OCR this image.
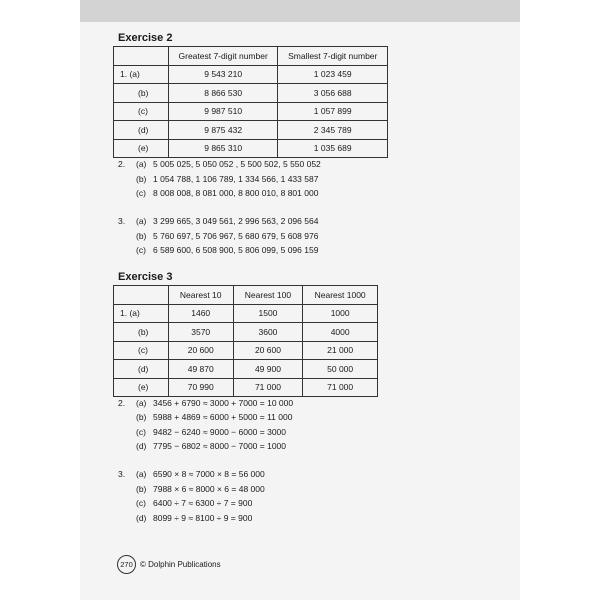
Exercise 2
	Greatest 7-digit number	Smallest 7-digit number
1. (a)	9 543 210	1 023 459
(b)	8 866 530	3 056 688
(c)	9 987 510	1 057 899
(d)	9 875 432	2 345 789
(e)	9 865 310	1 035 689
2.	(a) 5 005 025, 5 050 052 , 5 500 502, 5 550 052
(b) 1 054 788, 1 106 789, 1 334 566, 1 433 587
(c) 8 008 008, 8 081 000, 8 800 010, 8 801 000
3.	(a) 3 299 665, 3 049 561, 2 996 563, 2 096 564
(b) 5 760 697, 5 706 967, 5 680 679, 5 608 976
(c) 6 589 600, 6 508 900, 5 806 099, 5 096 159
Exercise 3
	Nearest 10	Nearest 100	Nearest 1000
1. (a)	1460	1500	1000
(b)	3570	3600	4000
(c)	20 600	20 600	21 000
(d)	49 870	49 900	50 000
(e)	70 990	71 000	71 000
2.	(a) 3456 + 6790 ≈ 3000 + 7000 = 10 000
(b) 5988 + 4869 ≈ 6000 + 5000 = 11 000
(c) 9482 − 6240 ≈ 9000 − 6000 = 3000
(d) 7795 − 6802 ≈ 8000 − 7000 = 1000
3.	(a) 6590 × 8 ≈ 7000 × 8 = 56 000
(b) 7988 × 6 ≈ 8000 × 6 = 48 000
(c) 6400 ÷ 7 ≈ 6300 ÷ 7 = 900
(d) 8099 ÷ 9 ≈ 8100 ÷ 9 = 900
270 © Dolphin Publications
